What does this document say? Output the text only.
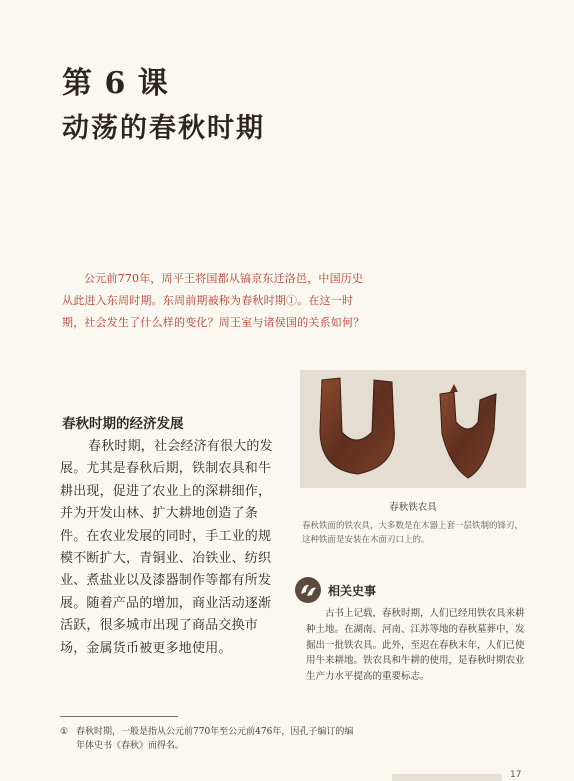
第 6 课
动荡的春秋时期

公元前770年，周平王将国都从镐京东迁洛邑，中国历史从此进入东周时期。东周前期被称为春秋时期①。在这一时期，社会发生了什么样的变化？周王室与诸侯国的关系如何？

春秋时期的经济发展

春秋时期，社会经济有很大的发展。尤其是春秋后期，铁制农具和牛耕出现，促进了农业上的深耕细作，并为开发山林、扩大耕地创造了条件。在农业发展的同时，手工业的规模不断扩大，青铜业、冶铁业、纺织业、煮盐业以及漆器制作等都有所发展。随着产品的增加，商业活动逐渐活跃，很多城市出现了商品交换市场，金属货币被更多地使用。

春秋铁农具
春秋铁面的铁农具，大多数是在木器上套一层铁制的锋刃，这种铁面是安装在木面刃口上的。
相关史事

古书上记载，春秋时期，人们已经用铁农具来耕种土地。在湖南、河南、江苏等地的春秋墓葬中，发掘出一批铁农具。此外，至迟在春秋末年，人们已使用牛来耕地。铁农具和牛耕的使用，是春秋时期农业生产力水平提高的重要标志。

① 春秋时期，一般是指从公元前770年至公元前476年，因孔子编订的编年体史书《春秋》而得名。
17
